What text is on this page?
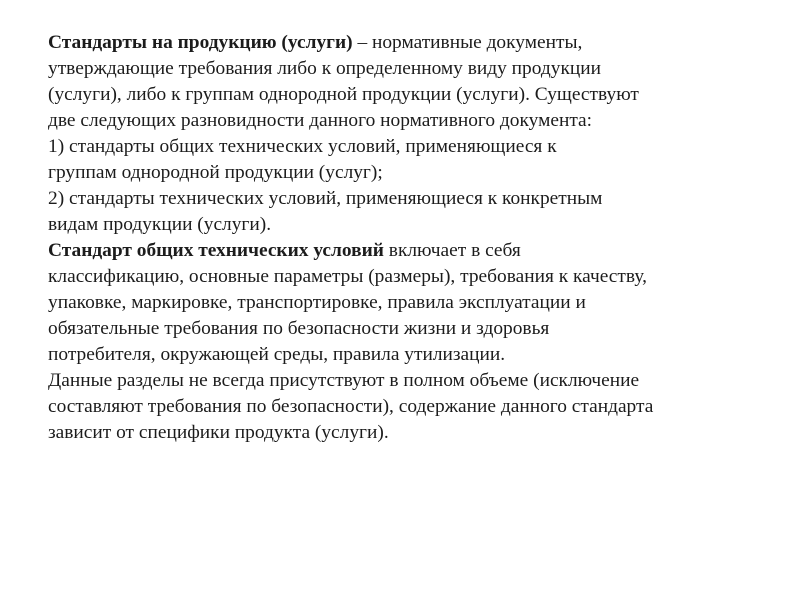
Стандарты на продукцию (услуги) – нормативные документы,
утверждающие требования либо к определенному виду продукции
(услуги), либо к группам однородной продукции (услуги). Существуют
две следующих разновидности данного нормативного документа:
1) стандарты общих технических условий, применяющиеся к
группам однородной продукции (услуг);
2) стандарты технических условий, применяющиеся к конкретным
видам продукции (услуги).
Стандарт общих технических условий включает в себя
классификацию, основные параметры (размеры), требования к качеству,
упаковке, маркировке, транспортировке, правила эксплуатации и
обязательные требования по безопасности жизни и здоровья
потребителя, окружающей среды, правила утилизации.
Данные разделы не всегда присутствуют в полном объеме (исключение
составляют требования по безопасности), содержание данного стандарта
зависит от специфики продукта (услуги).
